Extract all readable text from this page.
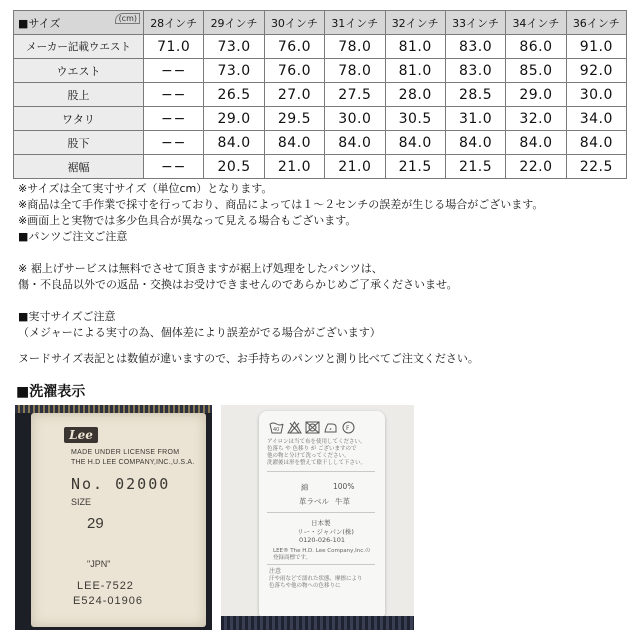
■サイズ (cm)	28インチ	29インチ	30インチ	31インチ	32インチ	33インチ	34インチ	36インチ
メーカー記載ウエスト	71.0	73.0	76.0	78.0	81.0	83.0	86.0	91.0
ウエスト	−−	73.0	76.0	78.0	81.0	83.0	85.0	92.0
股上	−−	26.5	27.0	27.5	28.0	28.5	29.0	30.0
ワタリ	−−	29.0	29.5	30.0	30.5	31.0	32.0	34.0
股下	−−	84.0	84.0	84.0	84.0	84.0	84.0	84.0
裾幅	−−	20.5	21.0	21.0	21.5	21.5	22.0	22.5

※サイズは全て実寸サイズ（単位cm）となります。

※商品は全て手作業で採寸を行っており、商品によっては１～２センチの誤差が生じる場合がございます。

※画面上と実物では多少色具合が異なって見える場合もございます。

■パンツご注文ご注意

※ 裾上げサービスは無料でさせて頂きますが裾上げ処理をしたパンツは、

傷・不良品以外での返品・交換はお受けできませんのであらかじめご了承くださいませ。

■実寸サイズご注意

（メジャーによる実寸の為、個体差により誤差がでる場合がございます）

ヌードサイズ表記とは数値が違いますので、お手持ちのパンツと測り比べてご注文ください。

■洗濯表示
Lee
MADE UNDER LICENSE FROM
THE H.D LEE COMPANY,INC.,U.S.A.
No. 02000
SIZE
29
"JPN"
LEE-7522
E524-01906
40	F
アイロンは当て布を使用してください。
色落ち や 色移り が ございますので
他の物と分けて洗ってください。
洗濯後は形を整えて陰干しして下さい。
綿	100%
革ラベル 牛革
日本製
リー・ジャパン(株)
0120-026-101
LEE® The H.D. Lee Company,Inc.の
登録商標です。
注意
汗や雨などで濡れた状態、摩擦により
色落ちや他の物への色移りに
